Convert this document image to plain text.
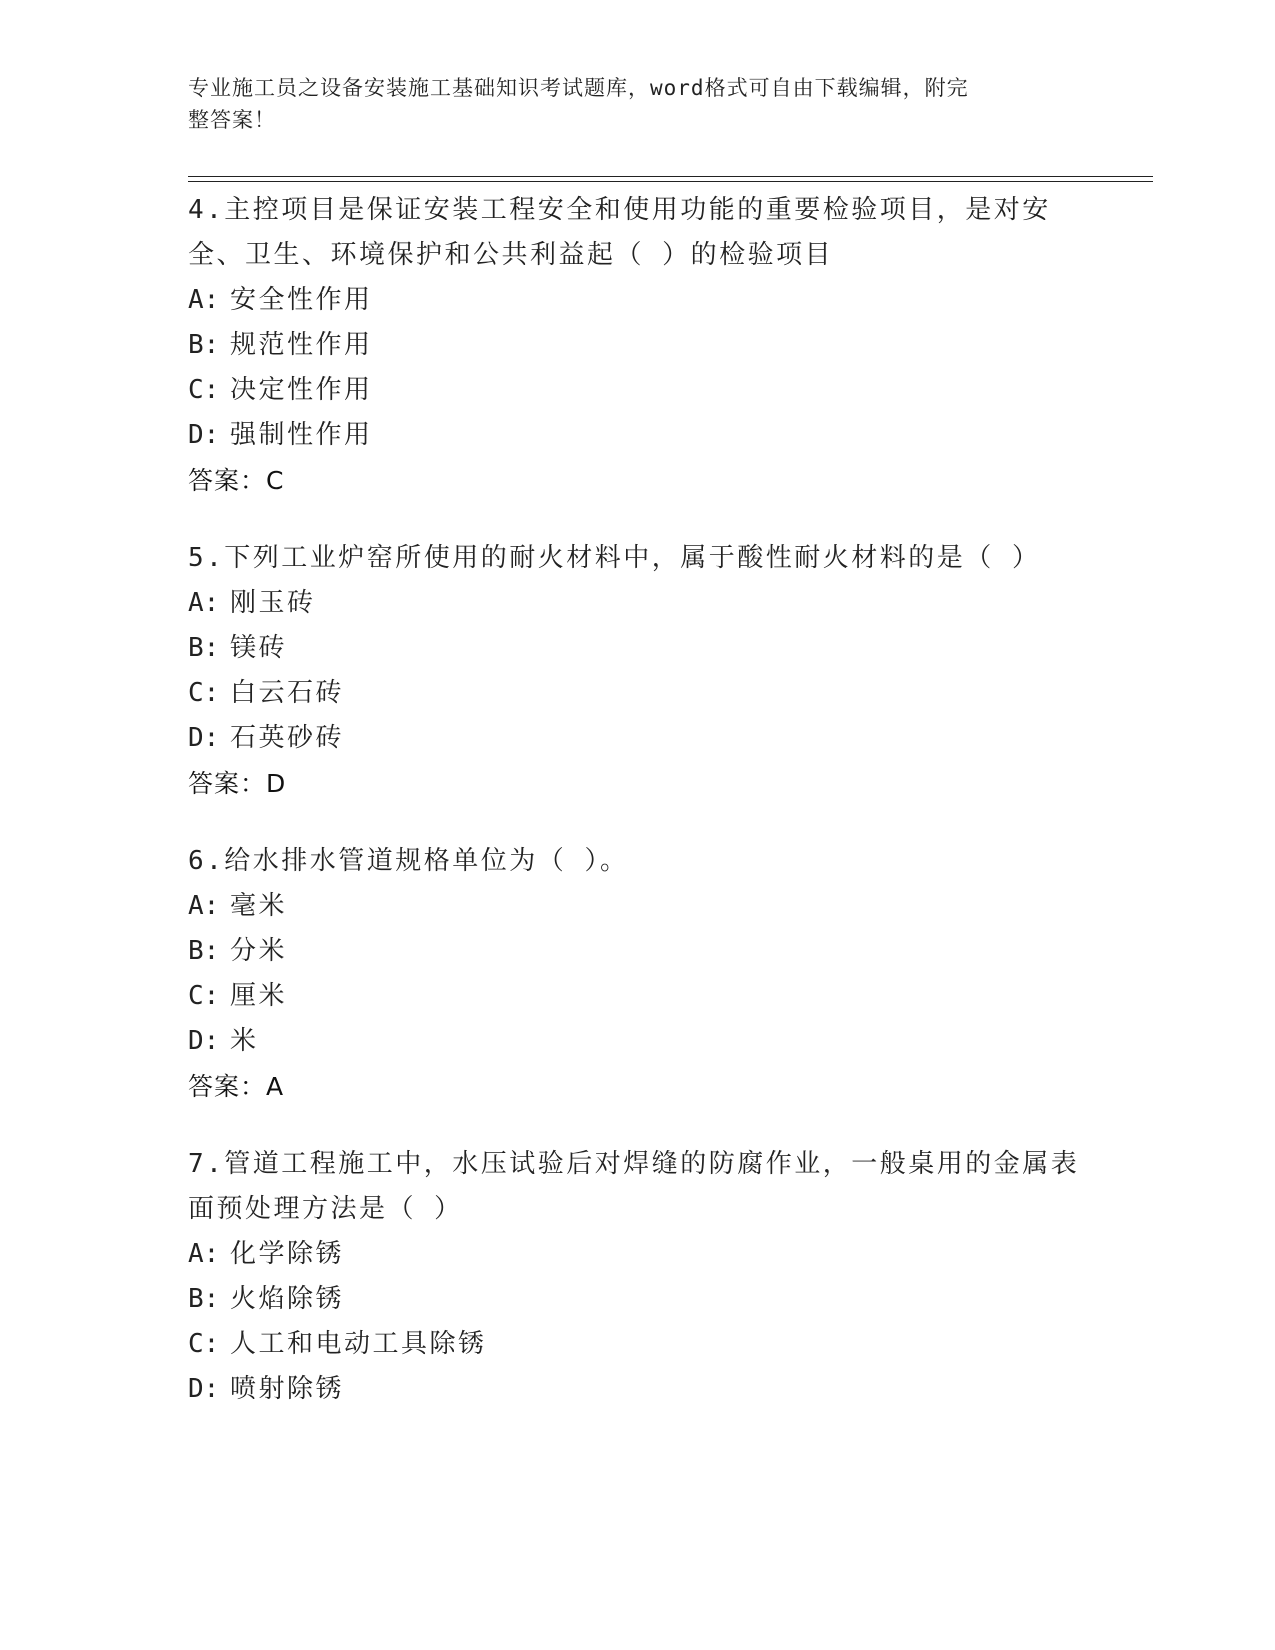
专业施工员之设备安装施工基础知识考试题库，word格式可自由下载编辑，附完
整答案！

4.主控项目是保证安装工程安全和使用功能的重要检验项目，是对安全、卫生、环境保护和公共利益起（ ）的检验项目

A: 安全性作用

B: 规范性作用

C: 决定性作用

D: 强制性作用

答案：C

5.下列工业炉窑所使用的耐火材料中，属于酸性耐火材料的是（ ）

A: 刚玉砖

B: 镁砖

C: 白云石砖

D: 石英砂砖

答案：D

6.给水排水管道规格单位为（ ）。

A: 毫米

B: 分米

C: 厘米

D: 米

答案：A

7.管道工程施工中，水压试验后对焊缝的防腐作业，一般桌用的金属表面预处理方法是（ ）

A: 化学除锈

B: 火焰除锈

C: 人工和电动工具除锈

D: 喷射除锈
